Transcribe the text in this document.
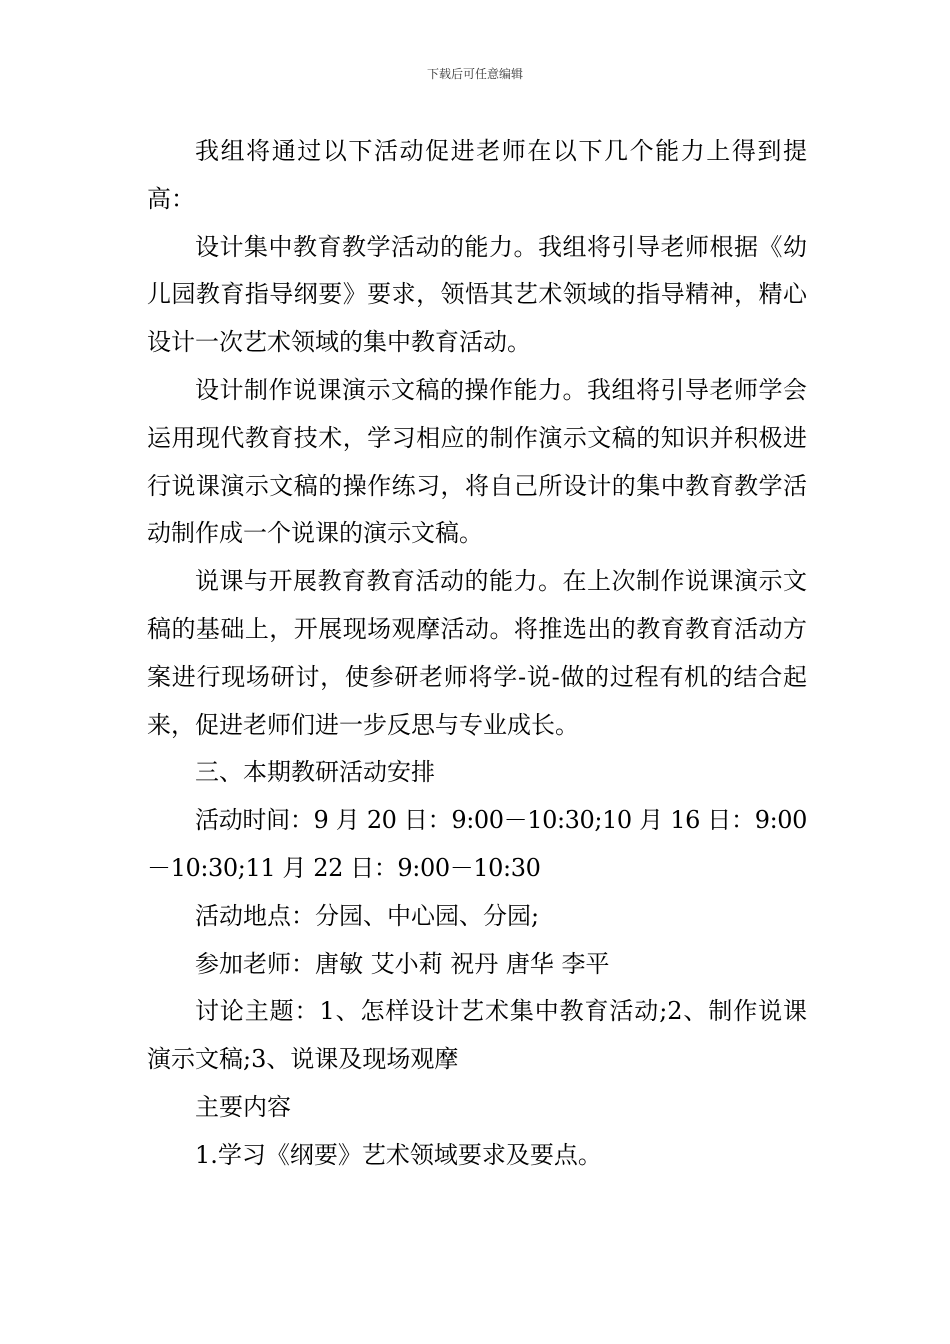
下载后可任意编辑

我组将通过以下活动促进老师在以下几个能力上得到提高：

设计集中教育教学活动的能力。我组将引导老师根据《幼儿园教育指导纲要》要求，领悟其艺术领域的指导精神，精心设计一次艺术领域的集中教育活动。

设计制作说课演示文稿的操作能力。我组将引导老师学会运用现代教育技术，学习相应的制作演示文稿的知识并积极进行说课演示文稿的操作练习，将自己所设计的集中教育教学活动制作成一个说课的演示文稿。

说课与开展教育教育活动的能力。在上次制作说课演示文稿的基础上，开展现场观摩活动。将推选出的教育教育活动方案进行现场研讨，使参研老师将学-说-做的过程有机的结合起来，促进老师们进一步反思与专业成长。

三、本期教研活动安排

活动时间：9 月 20 日：9:00－10:30;10 月 16 日：9:00－10:30;11 月 22 日：9:00－10:30

活动地点：分园、中心园、分园;

参加老师：唐敏 艾小莉 祝丹 唐华 李平

讨论主题：1、怎样设计艺术集中教育活动;2、制作说课演示文稿;3、说课及现场观摩

主要内容

1.学习《纲要》艺术领域要求及要点。
